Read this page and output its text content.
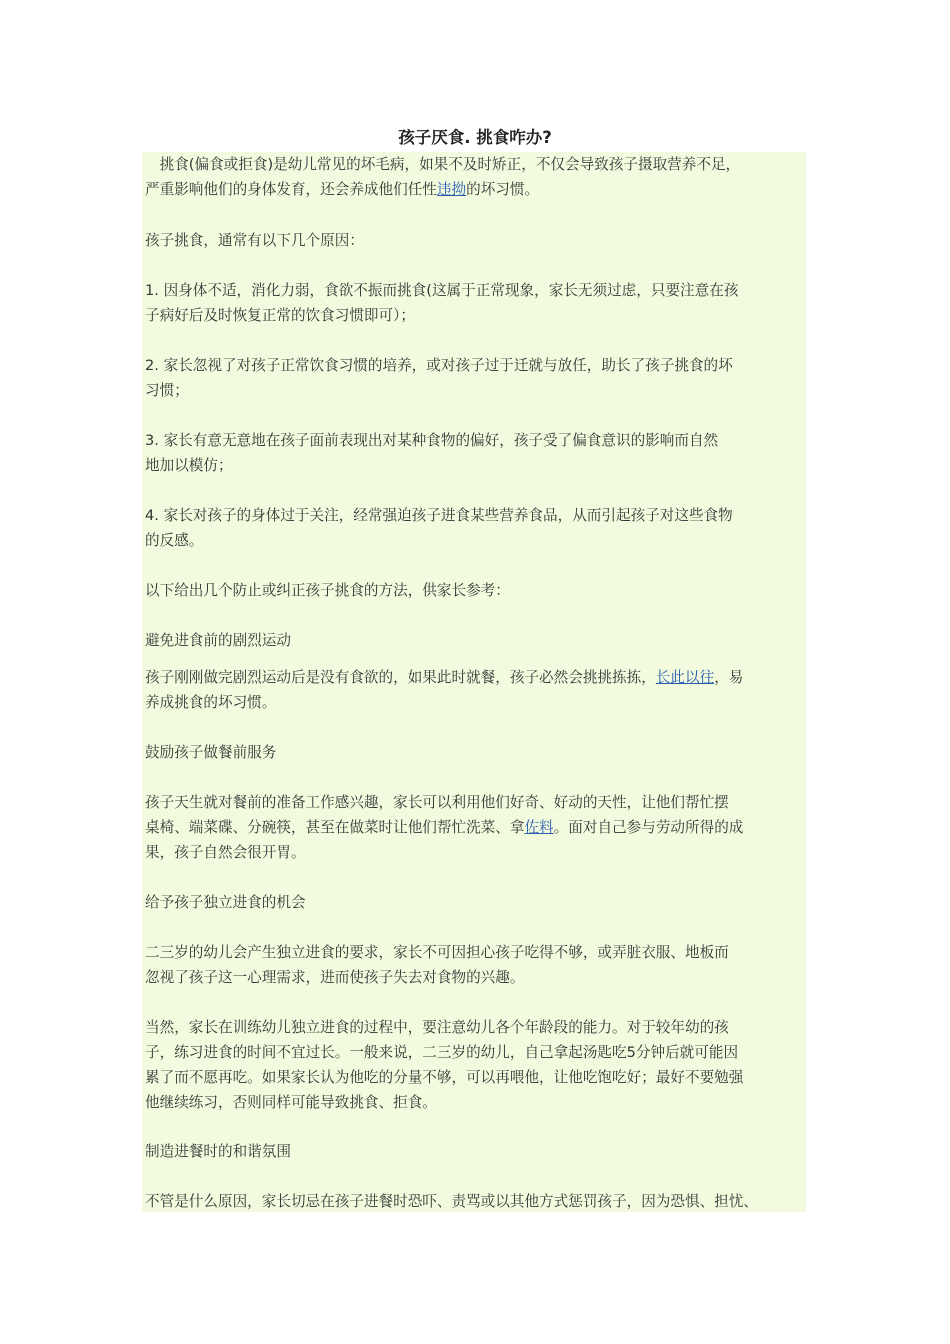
孩子厌食. 挑食咋办?

　挑食(偏食或拒食)是幼儿常见的坏毛病，如果不及时矫正，不仅会导致孩子摄取营养不足，

严重影响他们的身体发育，还会养成他们任性违拗的坏习惯。

孩子挑食，通常有以下几个原因：

1. 因身体不适，消化力弱，食欲不振而挑食(这属于正常现象，家长无须过虑，只要注意在孩

子病好后及时恢复正常的饮食习惯即可）；

2. 家长忽视了对孩子正常饮食习惯的培养，或对孩子过于迁就与放任，助长了孩子挑食的坏

习惯；

3. 家长有意无意地在孩子面前表现出对某种食物的偏好，孩子受了偏食意识的影响而自然

地加以模仿；

4. 家长对孩子的身体过于关注，经常强迫孩子进食某些营养食品，从而引起孩子对这些食物

的反感。

以下给出几个防止或纠正孩子挑食的方法，供家长参考：

避免进食前的剧烈运动

孩子刚刚做完剧烈运动后是没有食欲的，如果此时就餐，孩子必然会挑挑拣拣，长此以往，易

养成挑食的坏习惯。

鼓励孩子做餐前服务

孩子天生就对餐前的准备工作感兴趣，家长可以利用他们好奇、好动的天性，让他们帮忙摆

桌椅、端菜碟、分碗筷，甚至在做菜时让他们帮忙洗菜、拿佐料。面对自己参与劳动所得的成

果，孩子自然会很开胃。

给予孩子独立进食的机会

二三岁的幼儿会产生独立进食的要求，家长不可因担心孩子吃得不够，或弄脏衣服、地板而

忽视了孩子这一心理需求，进而使孩子失去对食物的兴趣。

当然，家长在训练幼儿独立进食的过程中，要注意幼儿各个年龄段的能力。对于较年幼的孩

子，练习进食的时间不宜过长。一般来说，二三岁的幼儿，自己拿起汤匙吃5分钟后就可能因

累了而不愿再吃。如果家长认为他吃的分量不够，可以再喂他，让他吃饱吃好；最好不要勉强

他继续练习，否则同样可能导致挑食、拒食。

制造进餐时的和谐氛围

不管是什么原因，家长切忌在孩子进餐时恐吓、责骂或以其他方式惩罚孩子，因为恐惧、担忧、
